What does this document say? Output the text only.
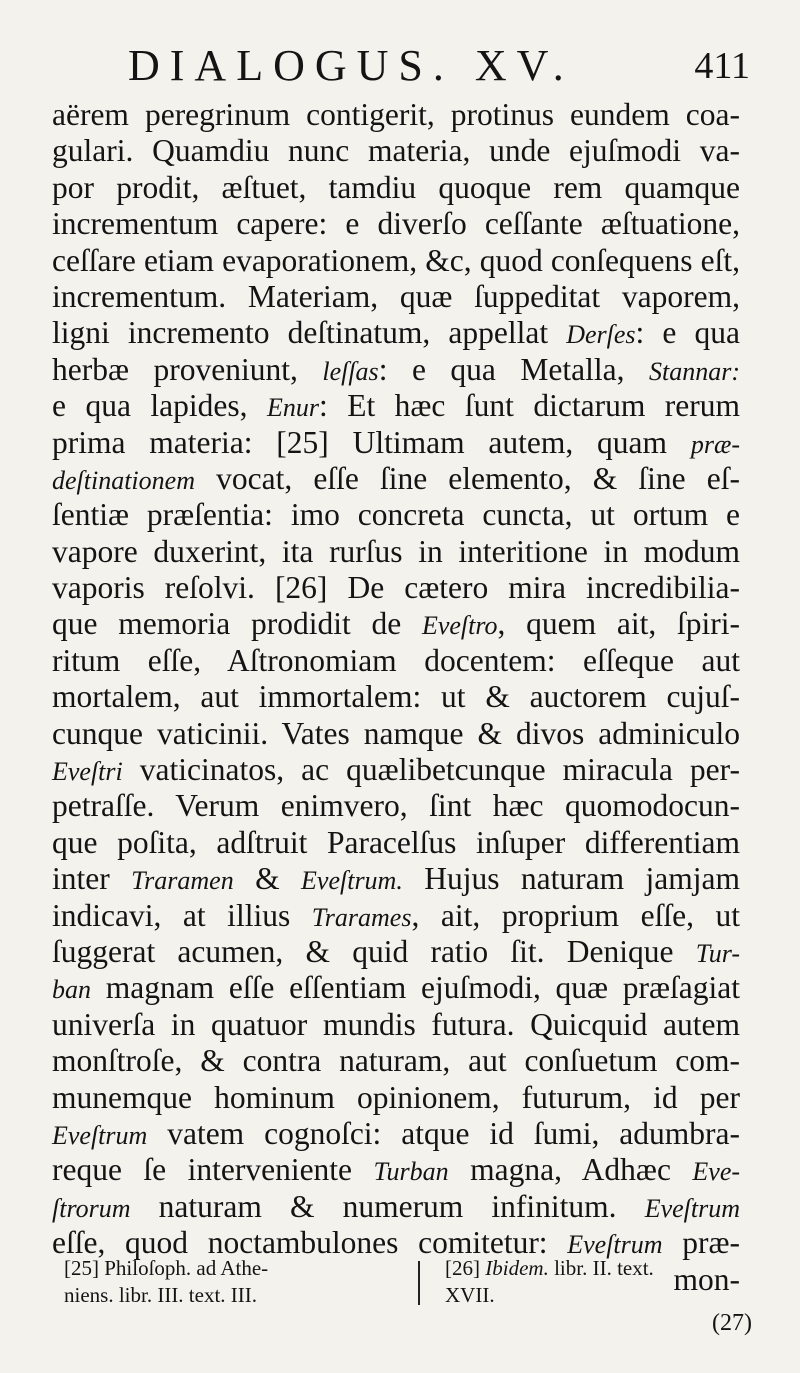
DIALOGUS. XV.	411
aërem peregrinum contigerit, protinus eundem coa-
gulari. Quamdiu nunc materia, unde ejuſmodi va-
por prodit, æſtuet, tamdiu quoque rem quamque
incrementum capere: e diverſo ceſſante æſtuatione,
ceſſare etiam evaporationem, &c, quod conſequens eſt,
incrementum. Materiam, quæ ſuppeditat vaporem,
ligni incremento deſtinatum, appellat Derſes: e qua
herbæ proveniunt, leſſas: e qua Metalla, Stannar:
e qua lapides, Enur: Et hæc ſunt dictarum rerum
prima materia: [25] Ultimam autem, quam præ-
deſtinationem vocat, eſſe ſine elemento, & ſine eſ-
ſentiæ præſentia: imo concreta cuncta, ut ortum e
vapore duxerint, ita rurſus in interitione in modum
vaporis reſolvi. [26] De cætero mira incredibilia-
que memoria prodidit de Eveſtro, quem ait, ſpiri-
ritum eſſe, Aſtronomiam docentem: eſſeque aut
mortalem, aut immortalem: ut & auctorem cujuſ-
cunque vaticinii. Vates namque & divos adminiculo
Eveſtri vaticinatos, ac quælibetcunque miracula per-
petraſſe. Verum enimvero, ſint hæc quomodocun-
que poſita, adſtruit Paracelſus inſuper differentiam
inter Traramen & Eveſtrum. Hujus naturam jamjam
indicavi, at illius Trarames, ait, proprium eſſe, ut
ſuggerat acumen, & quid ratio ſit. Denique Tur-
ban magnam eſſe eſſentiam ejuſmodi, quæ præſagiat
univerſa in quatuor mundis futura. Quicquid autem
monſtroſe, & contra naturam, aut conſuetum com-
munemque hominum opinionem, futurum, id per
Eveſtrum vatem cognoſci: atque id ſumi, adumbra-
reque ſe interveniente Turban magna, Adhæc Eve-
ſtrorum naturam & numerum infinitum. Eveſtrum
eſſe, quod noctambulones comitetur: Eveſtrum præ-
mon-
[25] Philoſoph. ad Athe-
niens. libr. III. text. III.
[26] Ibidem. libr. II. text.
XVII.
(27)
